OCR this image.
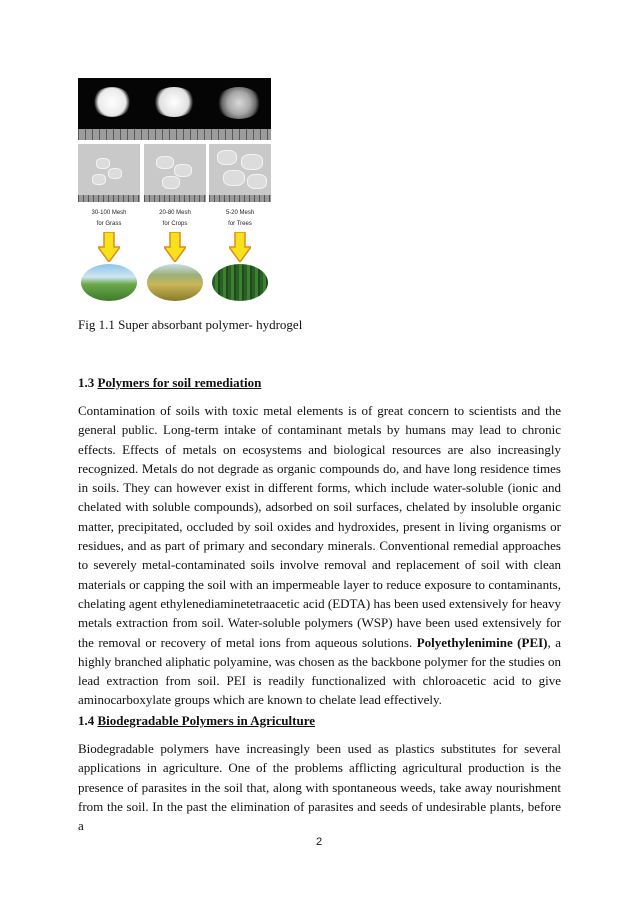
30-100 Mesh
for Grass
20-80 Mesh
for Crops
5-20 Mesh
for Trees
Fig 1.1 Super absorbant polymer- hydrogel
1.3 Polymers for soil remediation

Contamination of soils with toxic metal elements is of great concern to scientists and the general public. Long-term intake of contaminant metals by humans may lead to chronic effects. Effects of metals on ecosystems and biological resources are also increasingly recognized. Metals do not degrade as organic compounds do, and have long residence times in soils. They can however exist in different forms, which include water-soluble (ionic and chelated with soluble compounds), adsorbed on soil surfaces, chelated by insoluble organic matter, precipitated, occluded by soil oxides and hydroxides, present in living organisms or residues, and as part of primary and secondary minerals. Conventional remedial approaches to severely metal-contaminated soils involve removal and replacement of soil with clean materials or capping the soil with an impermeable layer to reduce exposure to contaminants, chelating agent ethylenediaminetetraacetic acid (EDTA) has been used extensively for heavy metals extraction from soil. Water-soluble polymers (WSP) have been used extensively for the removal or recovery of metal ions from aqueous solutions. Polyethylenimine (PEI), a highly branched aliphatic polyamine, was chosen as the backbone polymer for the studies on lead extraction from soil. PEI is readily functionalized with chloroacetic acid to give aminocarboxylate groups which are known to chelate lead effectively.

1.4 Biodegradable Polymers in Agriculture

Biodegradable polymers have increasingly been used as plastics substitutes for several applications in agriculture. One of the problems afflicting agricultural production is the presence of parasites in the soil that, along with spontaneous weeds, take away nourishment from the soil. In the past the elimination of parasites and seeds of undesirable plants, before a

2
